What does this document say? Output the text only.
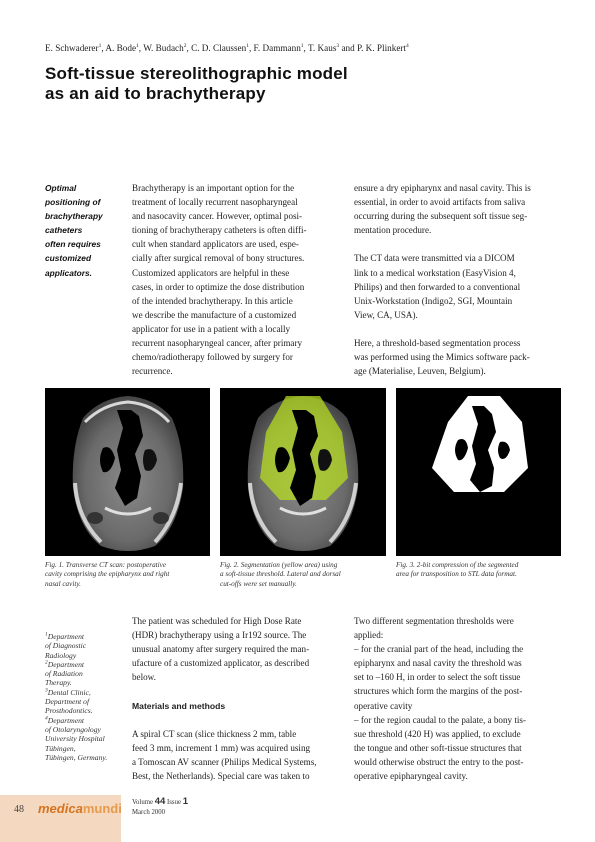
E. Schwaderer$^1$, A. Bode$^1$, W. Budach$^2$, C. D. Claussen$^1$, F. Dammann$^1$, T. Kaus$^3$ and P. K. Plinkert$^4$
Soft-tissue stereolithographic model
as an aid to brachytherapy
Optimal
positioning of
brachytherapy
catheters
often requires
customized
applicators.
Brachytherapy is an important option for the
treatment of locally recurrent nasopharyngeal
and nasocavity cancer. However, optimal posi-
tioning of brachytherapy catheters is often diffi-
cult when standard applicators are used, espe-
cially after surgical removal of bony structures.
Customized applicators are helpful in these
cases, in order to optimize the dose distribution
of the intended brachytherapy. In this article
we describe the manufacture of a customized
applicator for use in a patient with a locally
recurrent nasopharyngeal cancer, after primary
chemo/radiotherapy followed by surgery for
recurrence.
ensure a dry epipharynx and nasal cavity. This is
essential, in order to avoid artifacts from saliva
occurring during the subsequent soft tissue seg-
mentation procedure.
The CT data were transmitted via a DICOM
link to a medical workstation (EasyVision 4,
Philips) and then forwarded to a conventional
Unix-Workstation (Indigo2, SGI, Mountain
View, CA, USA).
Here, a threshold-based segmentation process
was performed using the Mimics software pack-
age (Materialise, Leuven, Belgium).
Fig. 1. Transverse CT scan: postoperative
cavity comprising the epipharynx and right
nasal cavity.
Fig. 2. Segmentation (yellow area) using
a soft-tissue threshold. Lateral and dorsal
cut-offs were set manually.
Fig. 3. 2-bit compression of the segmented
area for transposition to STL data format.
$^1$Department
of Diagnostic
Radiology
$^2$Department
of Radiation
Therapy.
$^3$Dental Clinic,
Department of
Prosthodontics.
$^4$Department
of Otolaryngology
University Hospital
Tübingen,
Tübingen, Germany.
The patient was scheduled for High Dose Rate
(HDR) brachytherapy using a Ir192 source. The
unusual anatomy after surgery required the man-
ufacture of a customized applicator, as described
below.
Materials and methods
A spiral CT scan (slice thickness 2 mm, table
feed 3 mm, increment 1 mm) was acquired using
a Tomoscan AV scanner (Philips Medical Systems,
Best, the Netherlands). Special care was taken to
Two different segmentation thresholds were
applied:
– for the cranial part of the head, including the
epipharynx and nasal cavity the threshold was
set to –160 H, in order to select the soft tissue
structures which form the margins of the post-
operative cavity
– for the region caudal to the palate, a bony tis-
sue threshold (420 H) was applied, to exclude
the tongue and other soft-tissue structures that
would otherwise obstruct the entry to the post-
operative epipharyngeal cavity.
48 medicamundi Volume 44 Issue 1
March 2000
